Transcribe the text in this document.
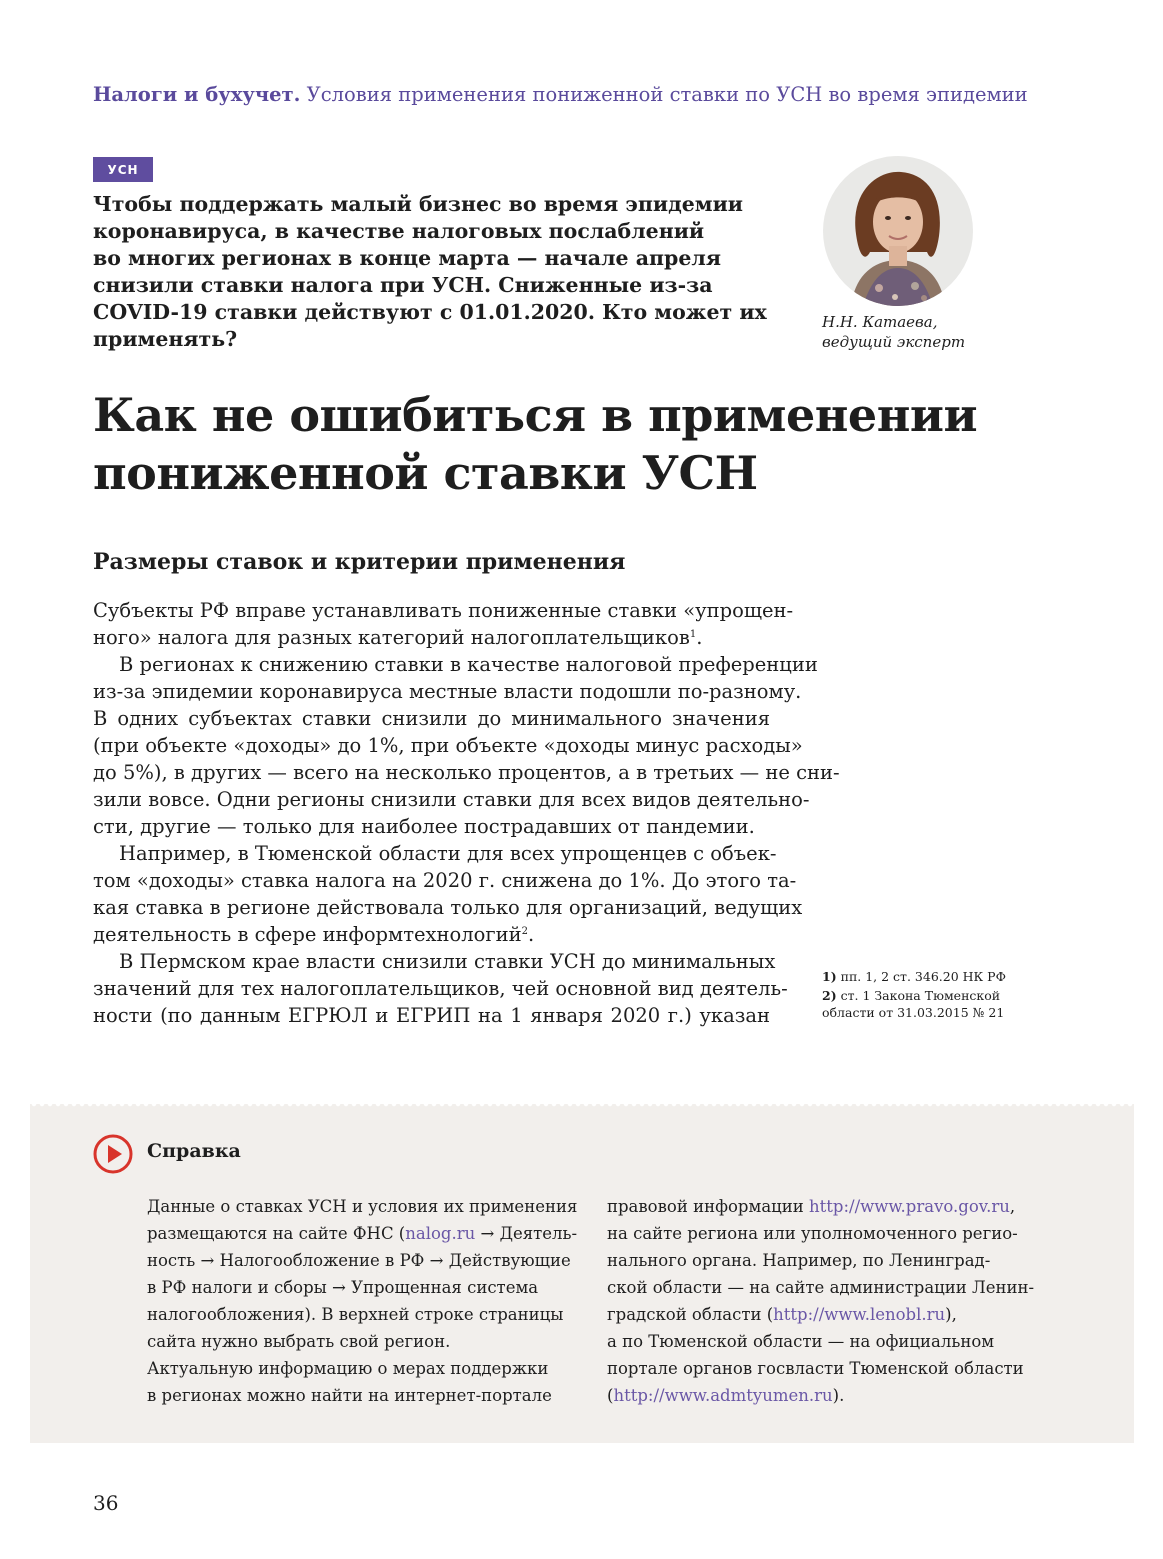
Налоги и бухучет. Условия применения пониженной ставки по УСН во время эпидемии
УСН
Чтобы поддержать малый бизнес во время эпидемии
коронавируса, в качестве налоговых послаблений
во многих регионах в конце марта — начале апреля
снизили ставки налога при УСН. Сниженные из-за
COVID-19 ставки действуют с 01.01.2020. Кто может их
применять?
Н.Н. Катаева,
ведущий эксперт
Как не ошибиться в применении
пониженной ставки УСН
Размеры ставок и критерии применения
Субъекты РФ вправе устанавливать пониженные ставки «упрощен-
ного» налога для разных категорий налогоплательщиков$^1$.
В регионах к снижению ставки в качестве налоговой преференции
из-за эпидемии коронавируса местные власти подошли по-разному.
В одних субъектах ставки снизили до минимального значения
(при объекте «доходы» до 1%, при объекте «доходы минус расходы»
до 5%), в других — всего на несколько процентов, а в третьих — не сни-
зили вовсе. Одни регионы снизили ставки для всех видов деятельно-
сти, другие — только для наиболее пострадавших от пандемии.
Например, в Тюменской области для всех упрощенцев с объек-
том «доходы» ставка налога на 2020 г. снижена до 1%. До этого та-
кая ставка в регионе действовала только для организаций, ведущих
деятельность в сфере информтехнологий$^2$.
В Пермском крае власти снизили ставки УСН до минимальных
значений для тех налогоплательщиков, чей основной вид деятель-
ности (по данным ЕГРЮЛ и ЕГРИП на 1 января 2020 г.) указан
1) пп. 1, 2 ст. 346.20 НК РФ
2) ст. 1 Закона Тюменской
области от 31.03.2015 № 21
Справка
Данные о ставках УСН и условия их применения
размещаются на сайте ФНС (nalog.ru → Деятель-
ность → Налогообложение в РФ → Действующие
в РФ налоги и сборы → Упрощенная система
налогообложения). В верхней строке страницы
сайта нужно выбрать свой регион.
Актуальную информацию о мерах поддержки
в регионах можно найти на интернет-портале
правовой информации http://www.pravo.gov.ru,
на сайте региона или уполномоченного регио-
нального органа. Например, по Ленинград-
ской области — на сайте администрации Ленин-
градской области (http://www.lenobl.ru),
а по Тюменской области — на официальном
портале органов госвласти Тюменской области
(http://www.admtyumen.ru).
36
